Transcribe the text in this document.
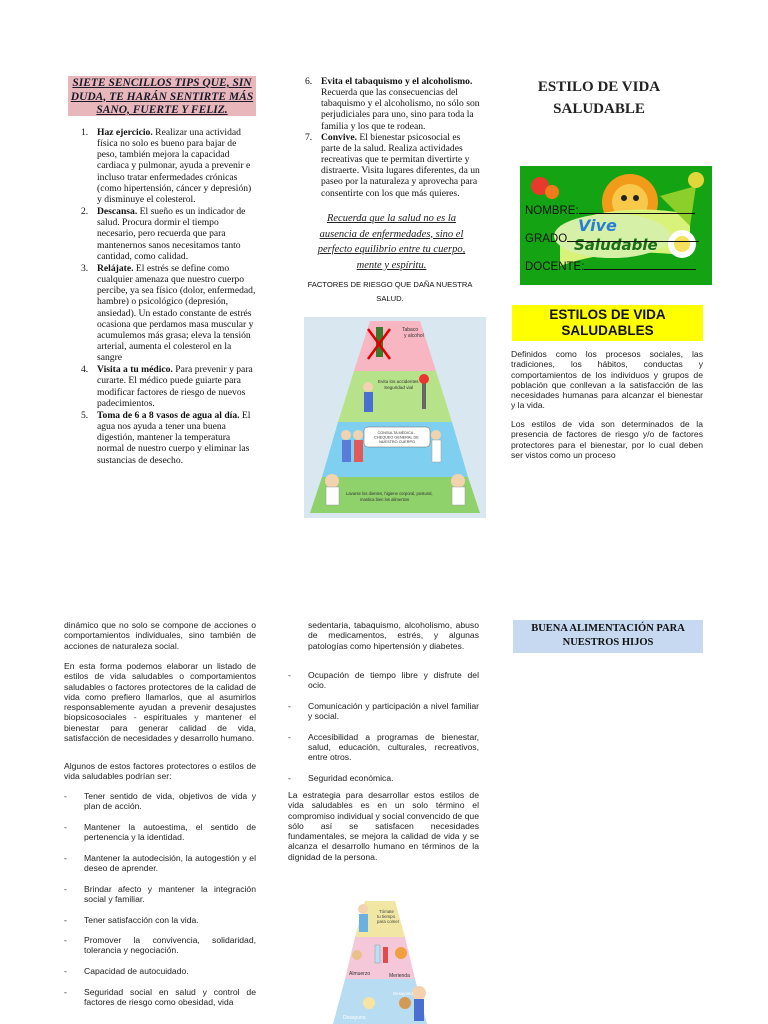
SIETE SENCILLOS TIPS QUE, SIN DUDA, TE HARÁN SENTIRTE MÁS SANO, FUERTE Y FELIZ.
1. Haz ejercicio. Realizar una actividad física no solo es bueno para bajar de peso, también mejora la capacidad cardiaca y pulmonar, ayuda a prevenir e incluso tratar enfermedades crónicas (como hipertensión, cáncer y depresión) y disminuye el colesterol.
2. Descansa. El sueño es un indicador de salud. Procura dormir el tiempo necesario, pero recuerda que para mantenernos sanos necesitamos tanto cantidad, como calidad.
3. Relájate. El estrés se define como cualquier amenaza que nuestro cuerpo percibe, ya sea físico (dolor, enfermedad, hambre) o psicológico (depresión, ansiedad). Un estado constante de estrés ocasiona que perdamos masa muscular y acumulemos más grasa; eleva la tensión arterial, aumenta el colesterol en la sangre
4. Visita a tu médico. Para prevenir y para curarte. El médico puede guiarte para modificar factores de riesgo de nuevos padecimientos.
5. Toma de 6 a 8 vasos de agua al día. El agua nos ayuda a tener una buena digestión, mantener la temperatura normal de nuestro cuerpo y eliminar las sustancias de desecho.
6. Evita el tabaquismo y el alcoholismo. Recuerda que las consecuencias del tabaquismo y el alcoholismo, no sólo son perjudiciales para uno, sino para toda la familia y los que te rodean.
7. Convive. El bienestar psicosocial es parte de la salud. Realiza actividades recreativas que te permitan divertirte y distraerte. Visita lugares diferentes, da un paseo por la naturaleza y aprovecha para consentirte con los que más quieres.
Recuerda que la salud no es la ausencia de enfermedades, sino el perfecto equilibrio entre tu cuerpo, mente y espíritu.
FACTORES DE RIESGO QUE DAÑA NUESTRA SALUD.
CONSULTA MÉDICA - CHEQUEO GENERAL DE NUESTRO CUERPO
Tabaco y alcohol
Evita los accidentes Seguridad vial
Lavarse los dientes, higiene corporal, postural, mastica bien los alimentos
ESTILO DE VIDA SALUDABLE
Vive
Saludable
NOMBRE:
GRADO
DOCENTE:
ESTILOS DE VIDA SALUDABLES
Definidos como los procesos sociales, las tradiciones, los hábitos, conductas y comportamientos de los individuos y grupos de población que conllevan a la satisfacción de las necesidades humanas para alcanzar el bienestar y la vida.
Los estilos de vida son determinados de la presencia de factores de riesgo y/o de factores protectores para el bienestar, por lo cual deben ser vistos como un proceso
dinámico que no solo se compone de acciones o comportamientos individuales, sino también de acciones de naturaleza social.
En esta forma podemos elaborar un listado de estilos de vida saludables o comportamientos saludables o factores protectores de la calidad de vida como prefiero llamarlos, que al asumirlos responsablemente ayudan a prevenir desajustes biopsicosociales - espirituales y mantener el bienestar para generar calidad de vida, satisfacción de necesidades y desarrollo humano.
Algunos de estos factores protectores o estilos de vida saludables podrían ser:
- Tener sentido de vida, objetivos de vida y plan de acción.
- Mantener la autoestima, el sentido de pertenencia y la identidad.
- Mantener la autodecisión, la autogestión y el deseo de aprender.
- Brindar afecto y mantener la integración social y familiar.
- Tener satisfacción con la vida.
- Promover la convivencia, solidaridad, tolerancia y negociación.
- Capacidad de autocuidado.
- Seguridad social en salud y control de factores de riesgo como obesidad, vida
sedentaria, tabaquismo, alcoholismo, abuso de medicamentos, estrés, y algunas patologías como hipertensión y diabetes.
- Ocupación de tiempo libre y disfrute del ocio.
- Comunicación y participación a nivel familiar y social.
- Accesibilidad a programas de bienestar, salud, educación, culturales, recreativos, entre otros.
- Seguridad económica.
La estrategia para desarrollar estos estilos de vida saludables es en un solo término el compromiso individual y social convencido de que sólo así se satisfacen necesidades fundamentales, se mejora la calidad de vida y se alcanza el desarrollo humano en términos de la dignidad de la persona.
Tómate tu tiempo para comer
Almuerzo	Merienda
Desayuno
Desayuno
BUENA ALIMENTACIÓN PARA NUESTROS HIJOS
